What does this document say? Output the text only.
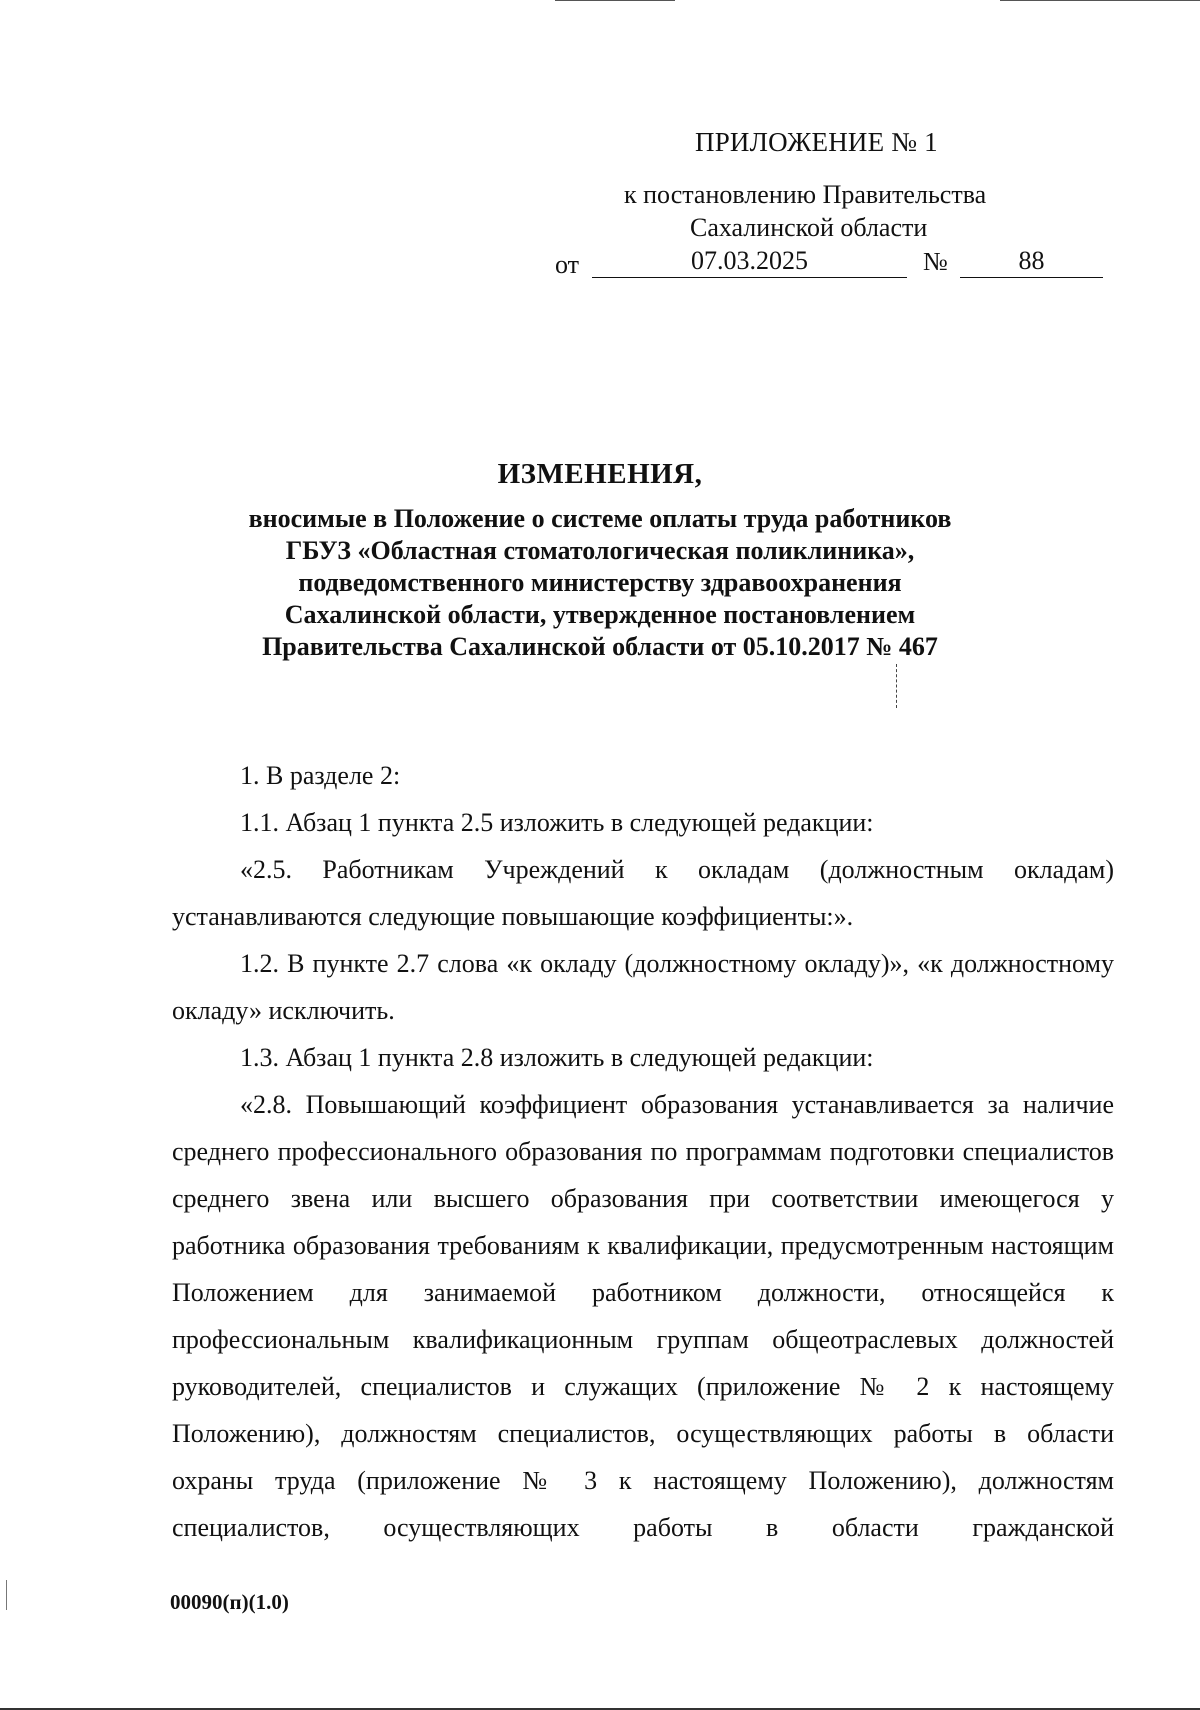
ПРИЛОЖЕНИЕ № 1
к постановлению Правительства
Сахалинской области
от	07.03.2025	№	88
ИЗМЕНЕНИЯ,
вносимые в Положение о системе оплаты труда работников
ГБУЗ «Областная стоматологическая поликлиника»,
подведомственного министерству здравоохранения
Сахалинской области, утвержденное постановлением
Правительства Сахалинской области от 05.10.2017 № 467

1. В разделе 2:

1.1. Абзац 1 пункта 2.5 изложить в следующей редакции:

«2.5. Работникам Учреждений к окладам (должностным окладам) устанавливаются следующие повышающие коэффициенты:».

1.2. В пункте 2.7 слова «к окладу (должностному окладу)», «к должностному окладу» исключить.

1.3. Абзац 1 пункта 2.8 изложить в следующей редакции:

«2.8. Повышающий коэффициент образования устанавливается за наличие среднего профессионального образования по программам подготовки специалистов среднего звена или высшего образования при соответствии имеющегося у работника образования требованиям к квалификации, предусмотренным настоящим Положением для занимаемой работником должности, относящейся к профессиональным квалификационным группам общеотраслевых должностей руководителей, специалистов и служащих (приложение № 2 к настоящему Положению), должностям специалистов, осуществляющих работы в области охраны труда (приложение № 3 к настоящему Положению), должностям специалистов, осуществляющих работы в области гражданской

00090(п)(1.0)
